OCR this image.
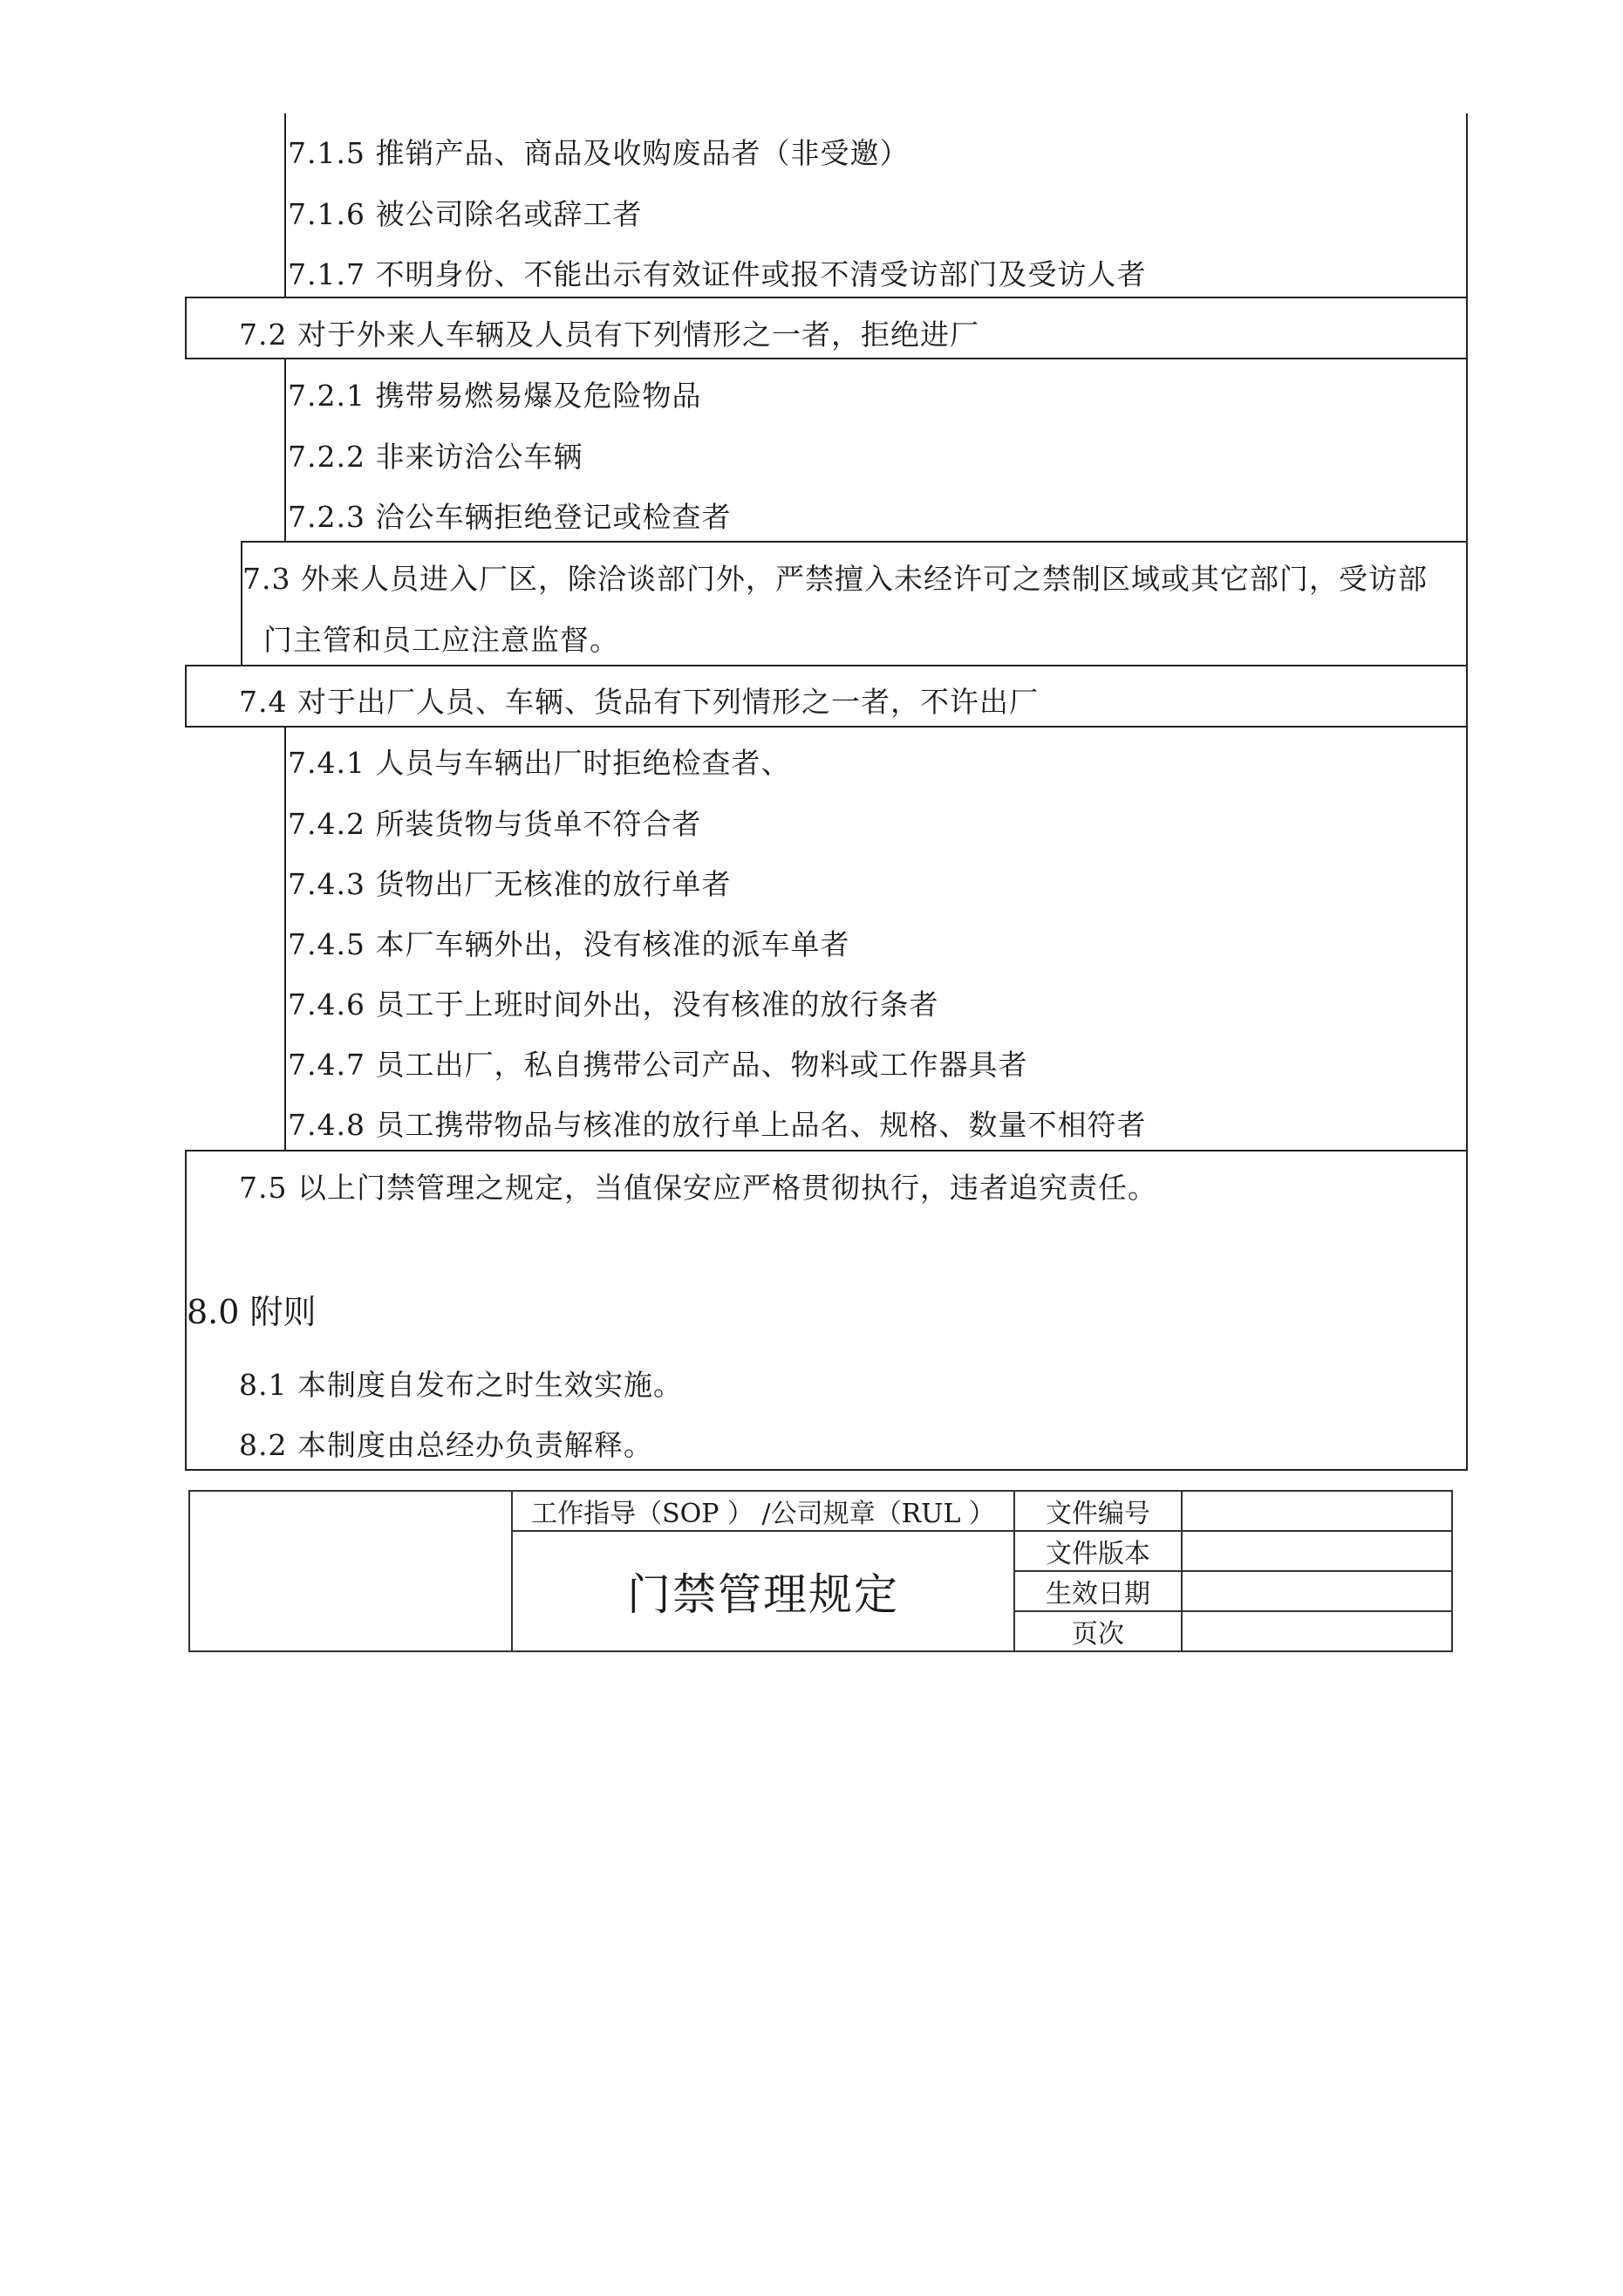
7.1.5 推销产品、商品及收购废品者（非受邀）
7.1.6 被公司除名或辞工者
7.1.7 不明身份、不能出示有效证件或报不清受访部门及受访人者
7.2 对于外来人车辆及人员有下列情形之一者，拒绝进厂
7.2.1 携带易燃易爆及危险物品
7.2.2 非来访洽公车辆
7.2.3 洽公车辆拒绝登记或检查者
7.3 外来人员进入厂区，除洽谈部门外，严禁擅入未经许可之禁制区域或其它部门，受访部
门主管和员工应注意监督。
7.4 对于出厂人员、车辆、货品有下列情形之一者，不许出厂
7.4.1 人员与车辆出厂时拒绝检查者、
7.4.2 所装货物与货单不符合者
7.4.3 货物出厂无核准的放行单者
7.4.5 本厂车辆外出，没有核准的派车单者
7.4.6 员工于上班时间外出，没有核准的放行条者
7.4.7 员工出厂，私自携带公司产品、物料或工作器具者
7.4.8 员工携带物品与核准的放行单上品名、规格、数量不相符者
7.5 以上门禁管理之规定，当值保安应严格贯彻执行，违者追究责任。
8.0 附则
8.1 本制度自发布之时生效实施。
8.2 本制度由总经办负责解释。
	工作指导（SOP ） /公司规章（RUL ）	文件编号	
	门禁管理规定	文件版本	
		生效日期	
		页次	
